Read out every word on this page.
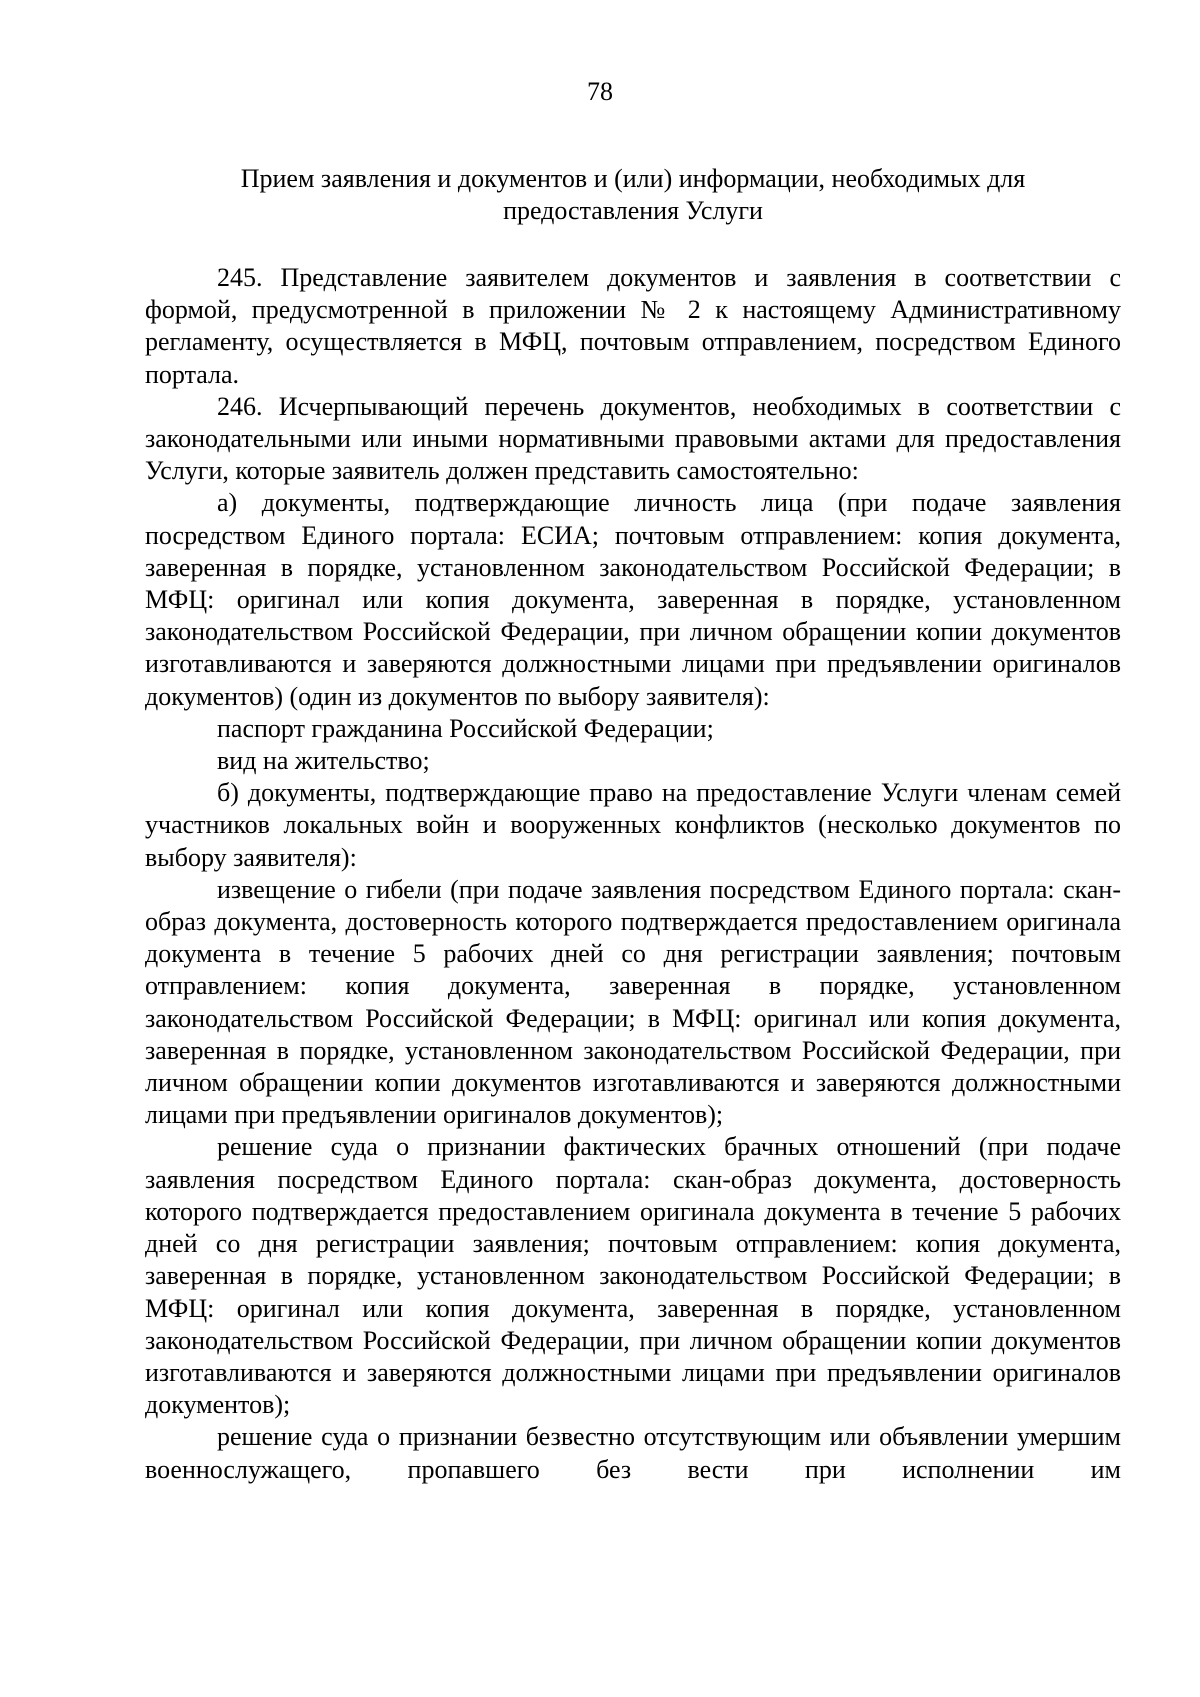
78
Прием заявления и документов и (или) информации, необходимых для
предоставления Услуги

245. Представление заявителем документов и заявления в соответствии с формой, предусмотренной в приложении № 2 к настоящему Административному регламенту, осуществляется в МФЦ, почтовым отправлением, посредством Единого портала.

246. Исчерпывающий перечень документов, необходимых в соответствии с законодательными или иными нормативными правовыми актами для предоставления Услуги, которые заявитель должен представить самостоятельно:

а) документы, подтверждающие личность лица (при подаче заявления посредством Единого портала: ЕСИА; почтовым отправлением: копия документа, заверенная в порядке, установленном законодательством Российской Федерации; в МФЦ: оригинал или копия документа, заверенная в порядке, установленном законодательством Российской Федерации, при личном обращении копии документов изготавливаются и заверяются должностными лицами при предъявлении оригиналов документов) (один из документов по выбору заявителя):

паспорт гражданина Российской Федерации;

вид на жительство;

б) документы, подтверждающие право на предоставление Услуги членам семей участников локальных войн и вооруженных конфликтов (несколько документов по выбору заявителя):

извещение о гибели (при подаче заявления посредством Единого портала: скан-образ документа, достоверность которого подтверждается предоставлением оригинала документа в течение 5 рабочих дней со дня регистрации заявления; почтовым отправлением: копия документа, заверенная в порядке, установленном законодательством Российской Федерации; в МФЦ: оригинал или копия документа, заверенная в порядке, установленном законодательством Российской Федерации, при личном обращении копии документов изготавливаются и заверяются должностными лицами при предъявлении оригиналов документов);

решение суда о признании фактических брачных отношений (при подаче заявления посредством Единого портала: скан-образ документа, достоверность которого подтверждается предоставлением оригинала документа в течение 5 рабочих дней со дня регистрации заявления; почтовым отправлением: копия документа, заверенная в порядке, установленном законодательством Российской Федерации; в МФЦ: оригинал или копия документа, заверенная в порядке, установленном законодательством Российской Федерации, при личном обращении копии документов изготавливаются и заверяются должностными лицами при предъявлении оригиналов документов);

решение суда о признании безвестно отсутствующим или объявлении умершим военнослужащего, пропавшего без вести при исполнении им
